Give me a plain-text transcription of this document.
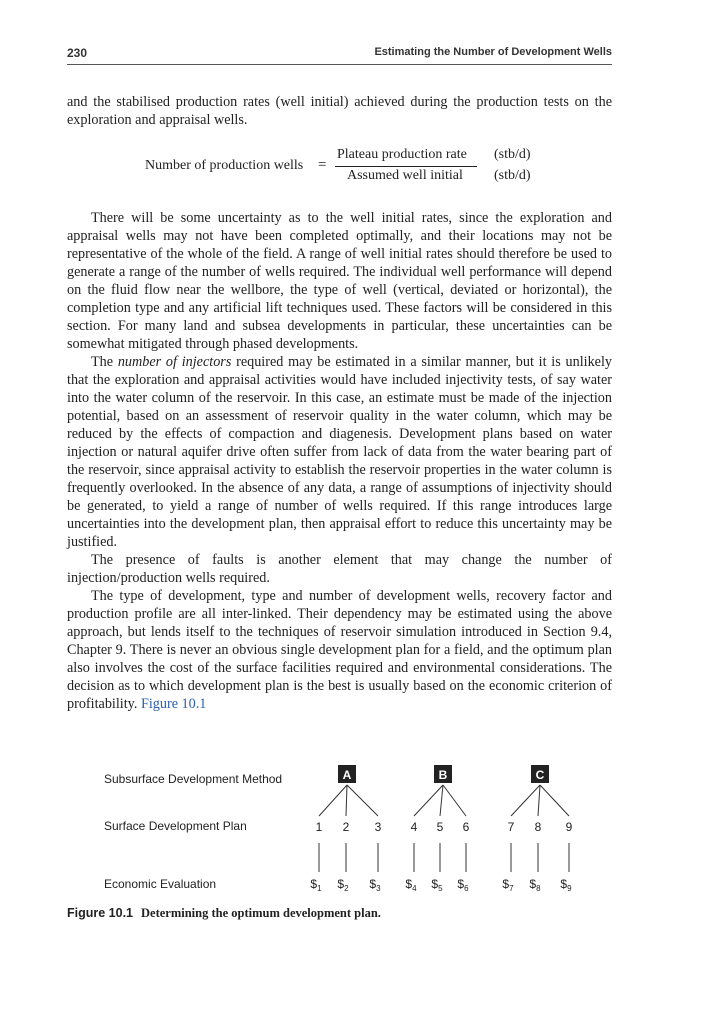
230	Estimating the Number of Development Wells

and the stabilised production rates (well initial) achieved during the production tests on the exploration and appraisal wells.

Number of production wells =
Plateau production rate
Assumed well initial
(stb/d)
(stb/d)

There will be some uncertainty as to the well initial rates, since the exploration and appraisal wells may not have been completed optimally, and their locations may not be representative of the whole of the field. A range of well initial rates should therefore be used to generate a range of the number of wells required. The individual well performance will depend on the fluid flow near the wellbore, the type of well (vertical, deviated or horizontal), the completion type and any artificial lift techniques used. These factors will be considered in this section. For many land and subsea developments in particular, these uncertainties can be somewhat mitigated through phased developments.

The number of injectors required may be estimated in a similar manner, but it is unlikely that the exploration and appraisal activities would have included injectivity tests, of say water into the water column of the reservoir. In this case, an estimate must be made of the injection potential, based on an assessment of reservoir quality in the water column, which may be reduced by the effects of compaction and diagenesis. Development plans based on water injection or natural aquifer drive often suffer from lack of data from the water bearing part of the reservoir, since appraisal activity to establish the reservoir properties in the water column is frequently overlooked. In the absence of any data, a range of assumptions of injectivity should be generated, to yield a range of number of wells required. If this range introduces large uncertainties into the development plan, then appraisal effort to reduce this uncertainty may be justified.

The presence of faults is another element that may change the number of injection/production wells required.

The type of development, type and number of development wells, recovery factor and production profile are all inter-linked. Their dependency may be estimated using the above approach, but lends itself to the techniques of reservoir simulation introduced in Section 9.4, Chapter 9. There is never an obvious single development plan for a field, and the optimum plan also involves the cost of the surface facilities required and environmental considerations. The decision as to which development plan is the best is usually based on the economic criterion of profitability. Figure 10.1

Subsurface Development Method
Surface Development Plan
Economic Evaluation
A	B	C
1
$\$_1$
2
$\$_2$
3
$\$_3$
4
$\$_4$
5
$\$_5$
6
$\$_6$
7
$\$_7$
8
$\$_8$
9
$\$_9$
Figure 10.1 Determining the optimum development plan.
